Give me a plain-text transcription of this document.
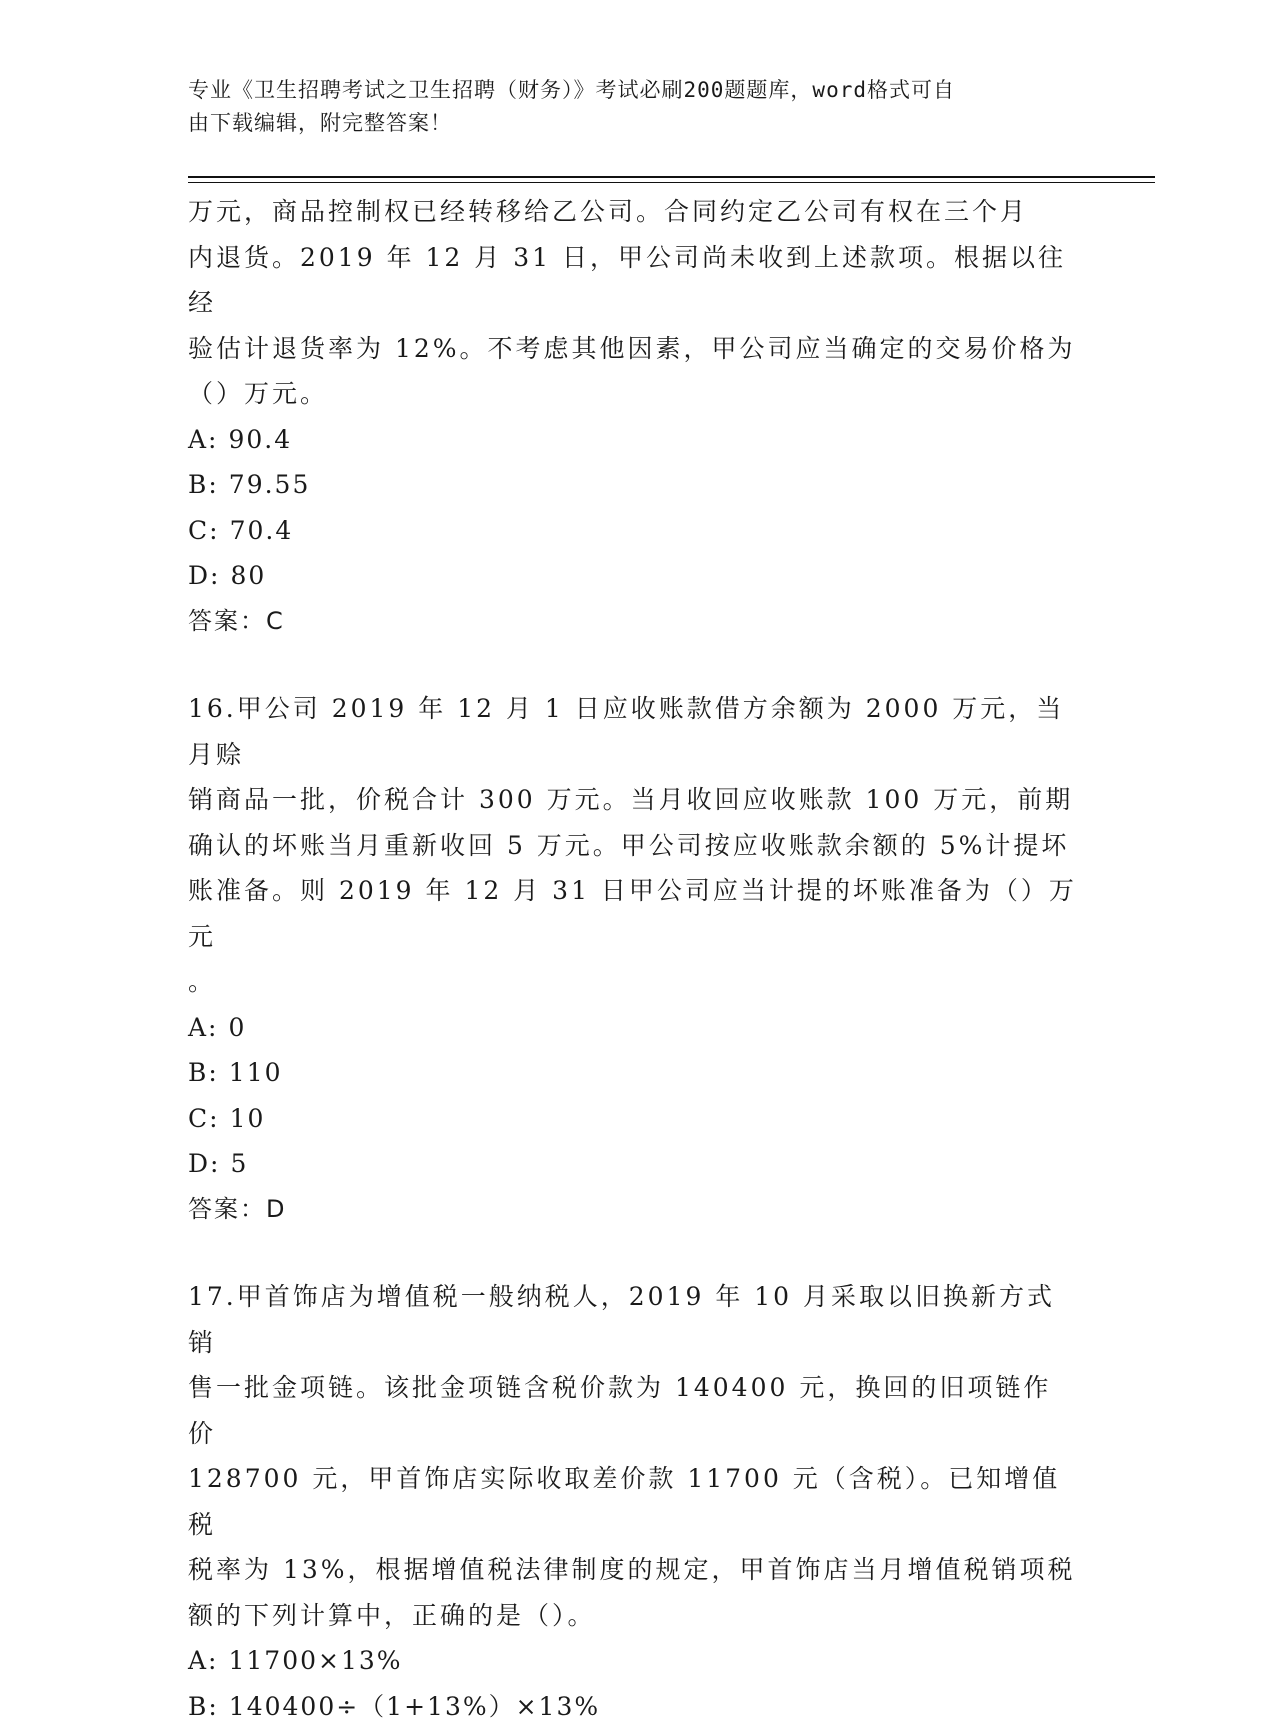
专业《卫生招聘考试之卫生招聘（财务）》考试必刷200题题库，word格式可自
由下载编辑，附完整答案！
万元，商品控制权已经转移给乙公司。合同约定乙公司有权在三个月
内退货。2019 年 12 月 31 日，甲公司尚未收到上述款项。根据以往经
验估计退货率为 12%。不考虑其他因素，甲公司应当确定的交易价格为
（）万元。
A: 90.4
B: 79.55
C: 70.4
D: 80
答案：C
16.甲公司 2019 年 12 月 1 日应收账款借方余额为 2000 万元，当月赊
销商品一批，价税合计 300 万元。当月收回应收账款 100 万元，前期
确认的坏账当月重新收回 5 万元。甲公司按应收账款余额的 5%计提坏
账准备。则 2019 年 12 月 31 日甲公司应当计提的坏账准备为（）万元
。
A: 0
B: 110
C: 10
D: 5
答案：D
17.甲首饰店为增值税一般纳税人，2019 年 10 月采取以旧换新方式销
售一批金项链。该批金项链含税价款为 140400 元，换回的旧项链作价
128700 元，甲首饰店实际收取差价款 11700 元（含税）。已知增值税
税率为 13%，根据增值税法律制度的规定，甲首饰店当月增值税销项税
额的下列计算中，正确的是（）。
A: 11700×13%
B: 140400÷（1+13%）×13%
